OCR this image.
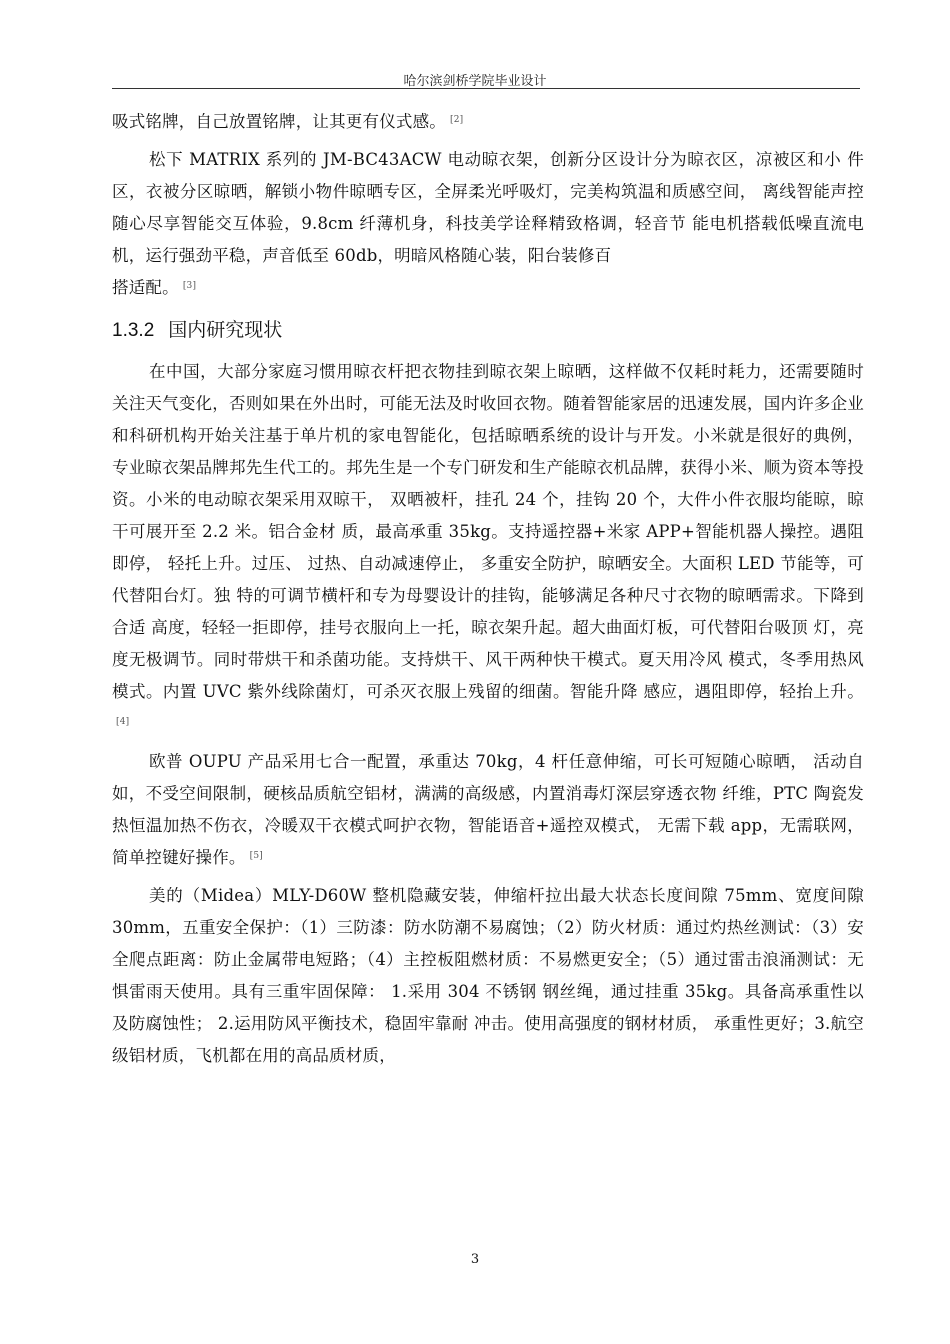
哈尔滨剑桥学院毕业设计

吸式铭牌，自己放置铭牌，让其更有仪式感。 [2]

松下 MATRIX 系列的 JM-BC43ACW 电动晾衣架，创新分区设计分为晾衣区，凉被区和小 件区，衣被分区晾晒，解锁小物件晾晒专区，全屏柔光呼吸灯，完美构筑温和质感空间， 离线智能声控随心尽享智能交互体验，9.8cm 纤薄机身，科技美学诠释精致格调，轻音节 能电机搭载低噪直流电机，运行强劲平稳，声音低至 60db，明暗风格随心装，阳台装修百

搭适配。 [3]

1.3.2 国内研究现状

在中国，大部分家庭习惯用晾衣杆把衣物挂到晾衣架上晾晒，这样做不仅耗时耗力，还需要随时关注天气变化，否则如果在外出时，可能无法及时收回衣物。随着智能家居的迅速发展，国内许多企业和科研机构开始关注基于单片机的家电智能化，包括晾晒系统的设计与开发。小米就是很好的典例， 专业晾衣架品牌邦先生代工的。邦先生是一个专门研发和生产能晾衣机品牌，获得小米、顺为资本等投资。小米的电动晾衣架采用双晾干， 双晒被杆，挂孔 24 个，挂钩 20 个，大件小件衣服均能晾，晾干可展开至 2.2 米。铝合金材 质，最高承重 35kg。支持遥控器+米家 APP+智能机器人操控。遇阻即停， 轻托上升。过压、 过热、自动减速停止， 多重安全防护，晾晒安全。大面积 LED 节能等，可代替阳台灯。独 特的可调节横杆和专为母婴设计的挂钩，能够满足各种尺寸衣物的晾晒需求。下降到合适 高度，轻轻一拒即停，挂号衣服向上一托，晾衣架升起。超大曲面灯板，可代替阳台吸顶 灯，亮度无极调节。同时带烘干和杀菌功能。支持烘干、风干两种快干模式。夏天用冷风 模式，冬季用热风模式。内置 UVC 紫外线除菌灯，可杀灭衣服上残留的细菌。智能升降 感应，遇阻即停，轻抬上升。[4]

欧普 OUPU 产品采用七合一配置，承重达 70kg，4 杆任意伸缩，可长可短随心晾晒， 活动自如，不受空间限制，硬核品质航空铝材，满满的高级感，内置消毒灯深层穿透衣物 纤维，PTC 陶瓷发热恒温加热不伤衣，冷暖双干衣模式呵护衣物，智能语音+遥控双模式， 无需下载 app，无需联网，简单控键好操作。 [5]

美的（Midea）MLY-D60W 整机隐藏安装，伸缩杆拉出最大状态长度间隙 75mm、宽度间隙 30mm，五重安全保护：（1）三防漆：防水防潮不易腐蚀；（2）防火材质：通过灼热丝测试：（3）安全爬点距离：防止金属带电短路；（4）主控板阻燃材质：不易燃更安全；（5）通过雷击浪涌测试：无惧雷雨天使用。具有三重牢固保障： 1.采用 304 不锈钢 钢丝绳，通过挂重 35kg。具备高承重性以及防腐蚀性； 2.运用防风平衡技术，稳固牢靠耐 冲击。使用高强度的钢材材质， 承重性更好；3.航空级铝材质，飞机都在用的高品质材质，

3
